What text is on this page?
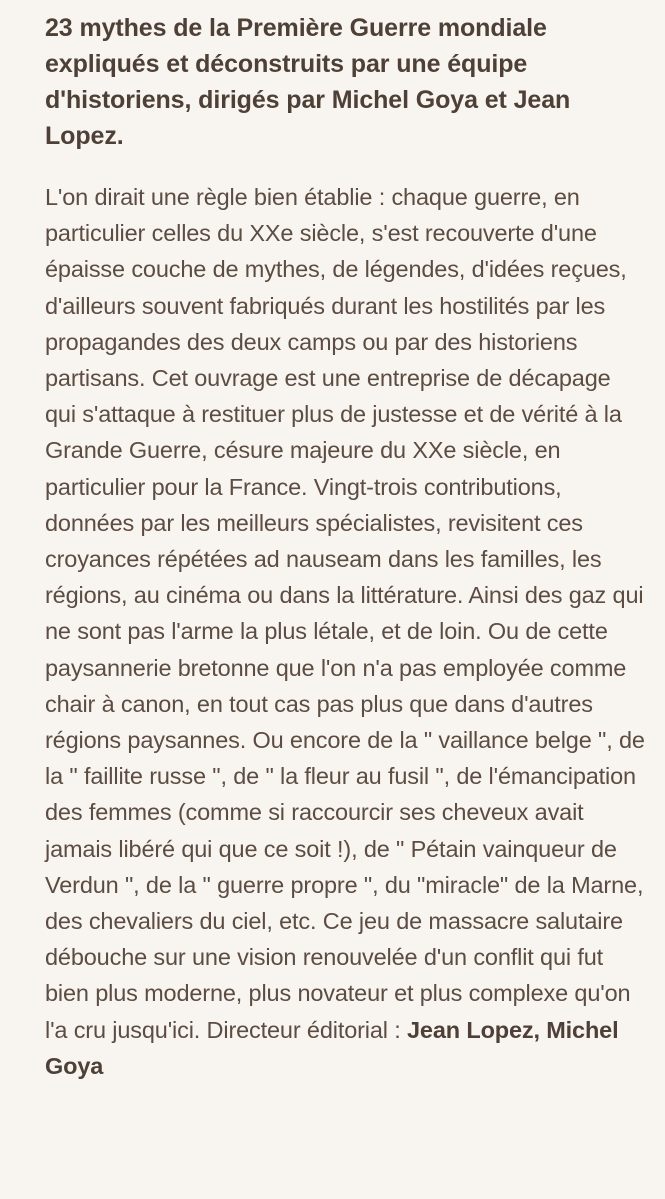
23 mythes de la Première Guerre mondiale expliqués et déconstruits par une équipe d'historiens, dirigés par Michel Goya et Jean Lopez.

L'on dirait une règle bien établie : chaque guerre, en particulier celles du XXe siècle, s'est recouverte d'une épaisse couche de mythes, de légendes, d'idées reçues, d'ailleurs souvent fabriqués durant les hostilités par les propagandes des deux camps ou par des historiens partisans. Cet ouvrage est une entreprise de décapage qui s'attaque à restituer plus de justesse et de vérité à la Grande Guerre, césure majeure du XXe siècle, en particulier pour la France. Vingt-trois contributions, données par les meilleurs spécialistes, revisitent ces croyances répétées ad nauseam dans les familles, les régions, au cinéma ou dans la littérature. Ainsi des gaz qui ne sont pas l'arme la plus létale, et de loin. Ou de cette paysannerie bretonne que l'on n'a pas employée comme chair à canon, en tout cas pas plus que dans d'autres régions paysannes. Ou encore de la " vaillance belge ", de la " faillite russe ", de " la fleur au fusil ", de l'émancipation des femmes (comme si raccourcir ses cheveux avait jamais libéré qui que ce soit !), de " Pétain vainqueur de Verdun ", de la " guerre propre ", du "miracle" de la Marne, des chevaliers du ciel, etc. Ce jeu de massacre salutaire débouche sur une vision renouvelée d'un conflit qui fut bien plus moderne, plus novateur et plus complexe qu'on l'a cru jusqu'ici. Directeur éditorial : Jean Lopez, Michel Goya
